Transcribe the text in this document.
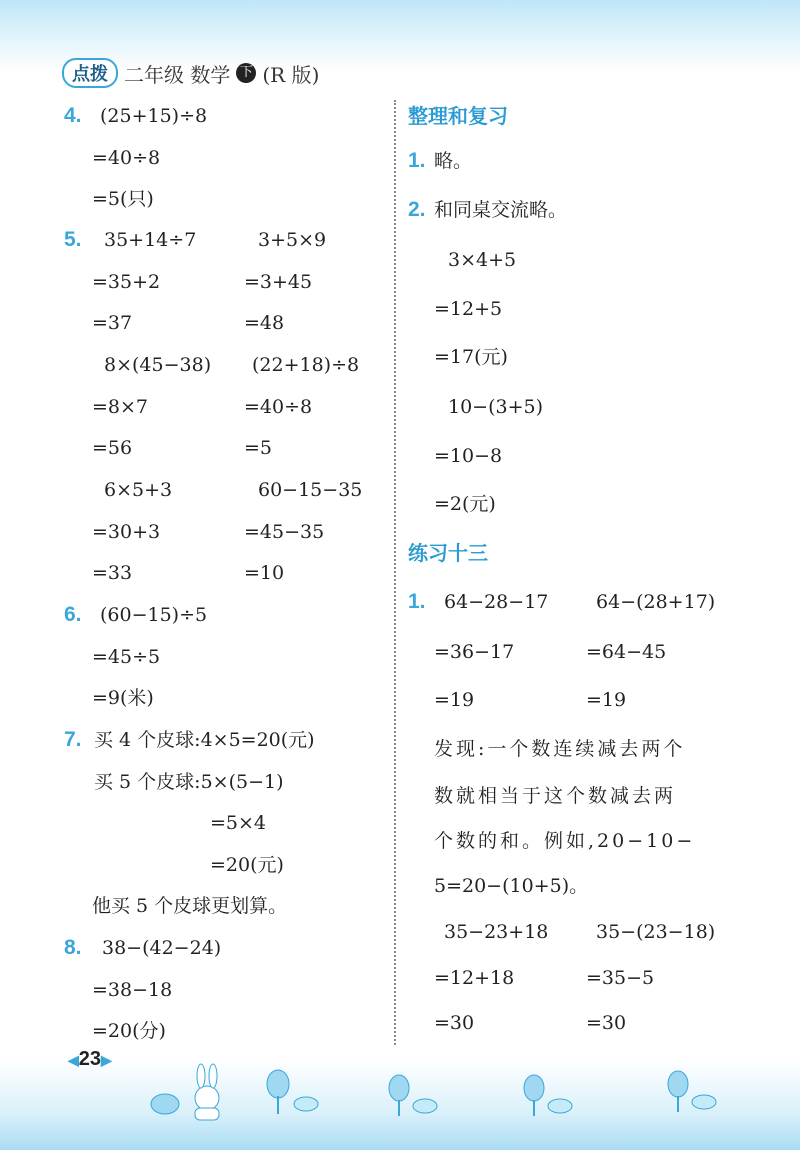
点拨 二年级 数学 下 (R 版)
4. (25+15)÷8
=40÷8
=5(只)
5. 35+14÷7	3+5×9
=35+2	=3+45
=37	=48
8×(45−38) (22+18)÷8
=8×7	=40÷8
=56	=5
6×5+3	60−15−35
=30+3	=45−35
=33	=10
6. (60−15)÷5
=45÷5
=9(米)
7. 买 4 个皮球:4×5=20(元)
买 5 个皮球:5×(5−1)
=5×4
=20(元)
他买 5 个皮球更划算。
8. 38−(42−24)
=38−18
=20(分)
整理和复习
1. 略。
2. 和同桌交流略。
3×4+5
=12+5
=17(元)
10−(3+5)
=10−8
=2(元)
练习十三
1. 64−28−17	64−(28+17)
=36−17	=64−45
=19	=19
发现:一个数连续减去两个
数就相当于这个数减去两
个数的和。例如,20−10−
5=20−(10+5)。
35−23+18	35−(23−18)
=12+18	=35−5
=30	=30
◀23▶
